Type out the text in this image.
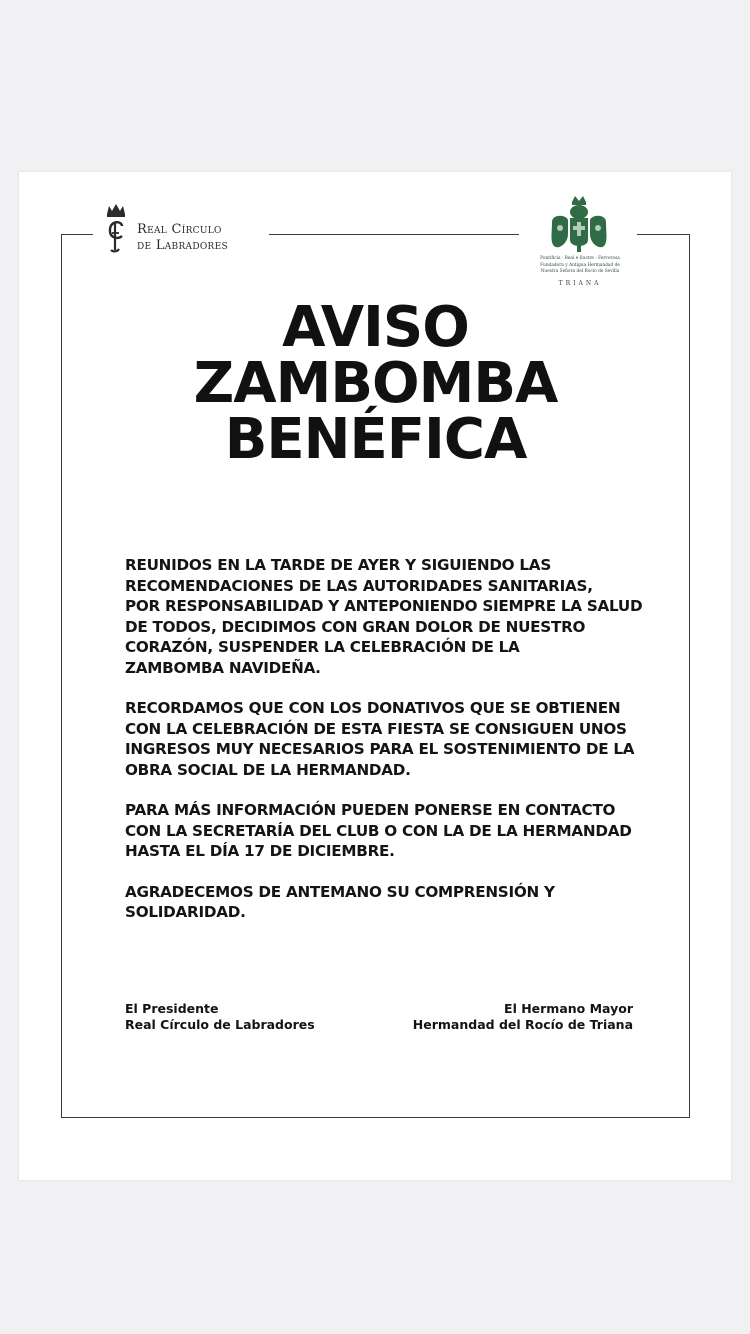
Real Círculo
de Labradores
Pontificia · Real e Ilustre · Fervorosa
Fundadora y Antigua Hermandad de
Nuestra Señora del Rocío de Sevilla
TRIANA
AVISO
ZAMBOMBA
BENÉFICA
REUNIDOS EN LA TARDE DE AYER Y SIGUIENDO LAS
RECOMENDACIONES DE LAS AUTORIDADES SANITARIAS,
POR RESPONSABILIDAD Y ANTEPONIENDO SIEMPRE LA SALUD
DE TODOS, DECIDIMOS CON GRAN DOLOR DE NUESTRO
CORAZÓN, SUSPENDER LA CELEBRACIÓN DE LA
ZAMBOMBA NAVIDEÑA.
RECORDAMOS QUE CON LOS DONATIVOS QUE SE OBTIENEN
CON LA CELEBRACIÓN DE ESTA FIESTA SE CONSIGUEN UNOS
INGRESOS MUY NECESARIOS PARA EL SOSTENIMIENTO DE LA
OBRA SOCIAL DE LA HERMANDAD.
PARA MÁS INFORMACIÓN PUEDEN PONERSE EN CONTACTO
CON LA SECRETARÍA DEL CLUB O CON LA DE LA HERMANDAD
HASTA EL DÍA 17 DE DICIEMBRE.
AGRADECEMOS DE ANTEMANO SU COMPRENSIÓN Y
SOLIDARIDAD.
El Presidente
Real Círculo de Labradores
El Hermano Mayor
Hermandad del Rocío de Triana
